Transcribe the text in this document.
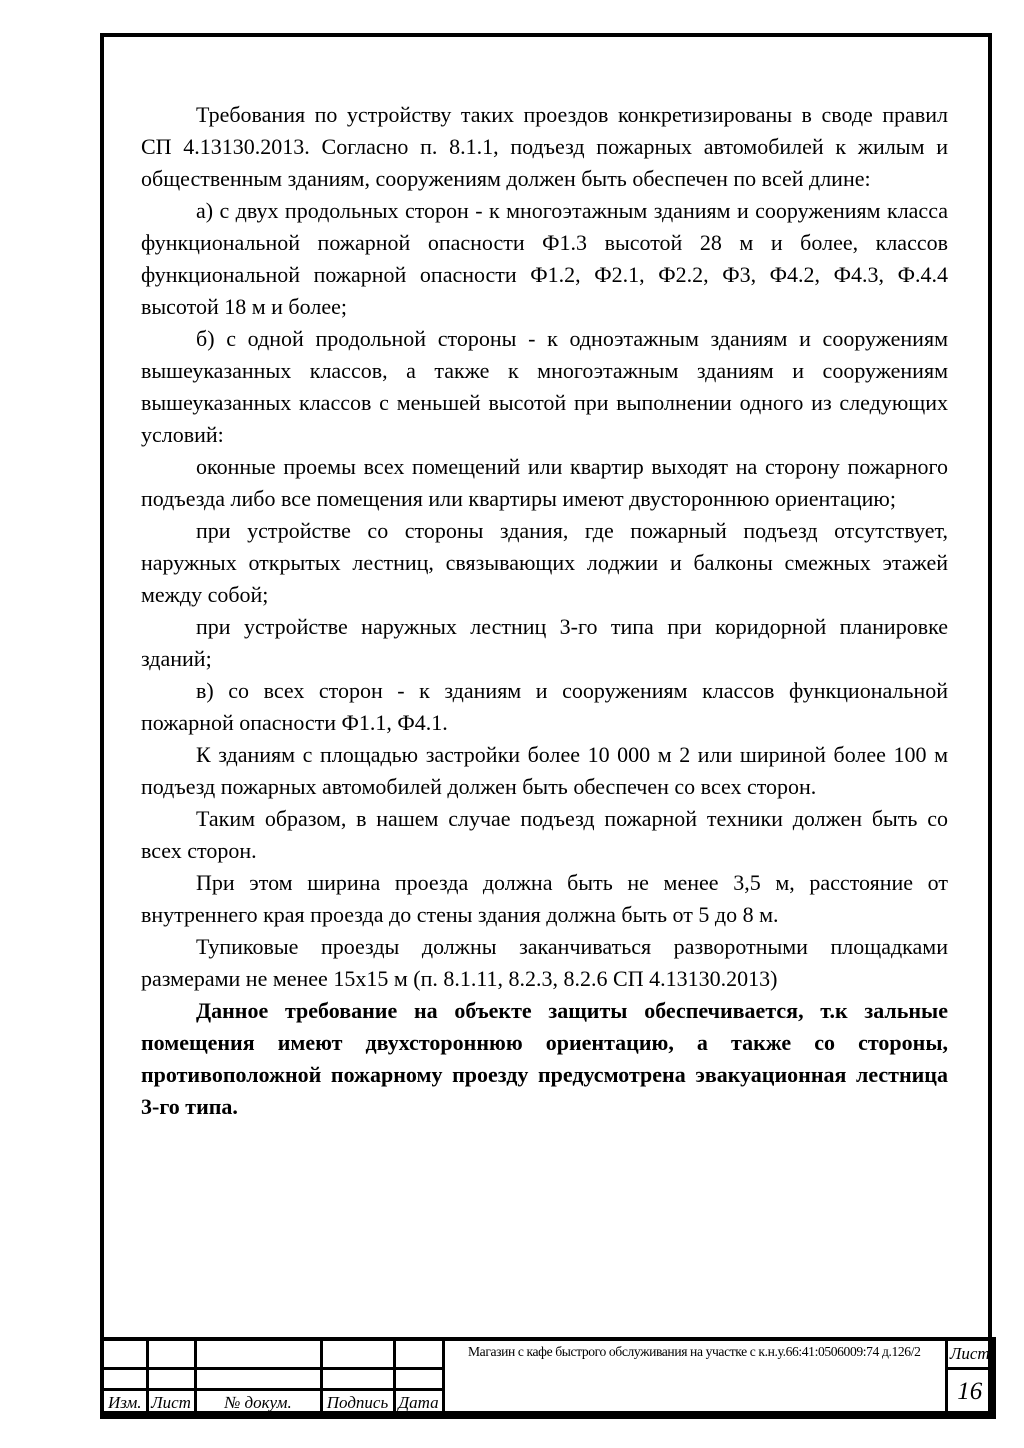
Требования по устройству таких проездов конкретизированы в своде правил СП 4.13130.2013. Согласно п. 8.1.1, подъезд пожарных автомобилей к жилым и общественным зданиям, сооружениям должен быть обеспечен по всей длине:

а) с двух продольных сторон - к многоэтажным зданиям и сооружениям класса функциональной пожарной опасности Ф1.3 высотой 28 м и более, классов функциональной пожарной опасности Ф1.2, Ф2.1, Ф2.2, Ф3, Ф4.2, Ф4.3, Ф.4.4 высотой 18 м и более;

б) с одной продольной стороны - к одноэтажным зданиям и сооружениям вышеуказанных классов, а также к многоэтажным зданиям и сооружениям вышеуказанных классов с меньшей высотой при выполнении одного из следующих условий:

оконные проемы всех помещений или квартир выходят на сторону пожарного подъезда либо все помещения или квартиры имеют двустороннюю ориентацию;

при устройстве со стороны здания, где пожарный подъезд отсутствует, наружных открытых лестниц, связывающих лоджии и балконы смежных этажей между собой;

при устройстве наружных лестниц 3-го типа при коридорной планировке зданий;

в) со всех сторон - к зданиям и сооружениям классов функциональной пожарной опасности Ф1.1, Ф4.1.

К зданиям с площадью застройки более 10 000 м 2 или шириной более 100 м подъезд пожарных автомобилей должен быть обеспечен со всех сторон.

Таким образом, в нашем случае подъезд пожарной техники должен быть со всех сторон.

При этом ширина проезда должна быть не менее 3,5 м, расстояние от внутреннего края проезда до стены здания должна быть от 5 до 8 м.

Тупиковые проезды должны заканчиваться разворотными площадками размерами не менее 15х15 м (п. 8.1.11, 8.2.3, 8.2.6 СП 4.13130.2013)

Данное требование на объекте защиты обеспечивается, т.к зальные помещения имеют двухстороннюю ориентацию, а также со стороны, противоположной пожарному проезду предусмотрена эвакуационная лестница 3-го типа.

					Магазин с кафе быстрого обслуживания на участке с к.н.у.66:41:0506009:74 д.126/2	Лист
						16
Изм.	Лист	№ докум.	Подпись	Дата		
